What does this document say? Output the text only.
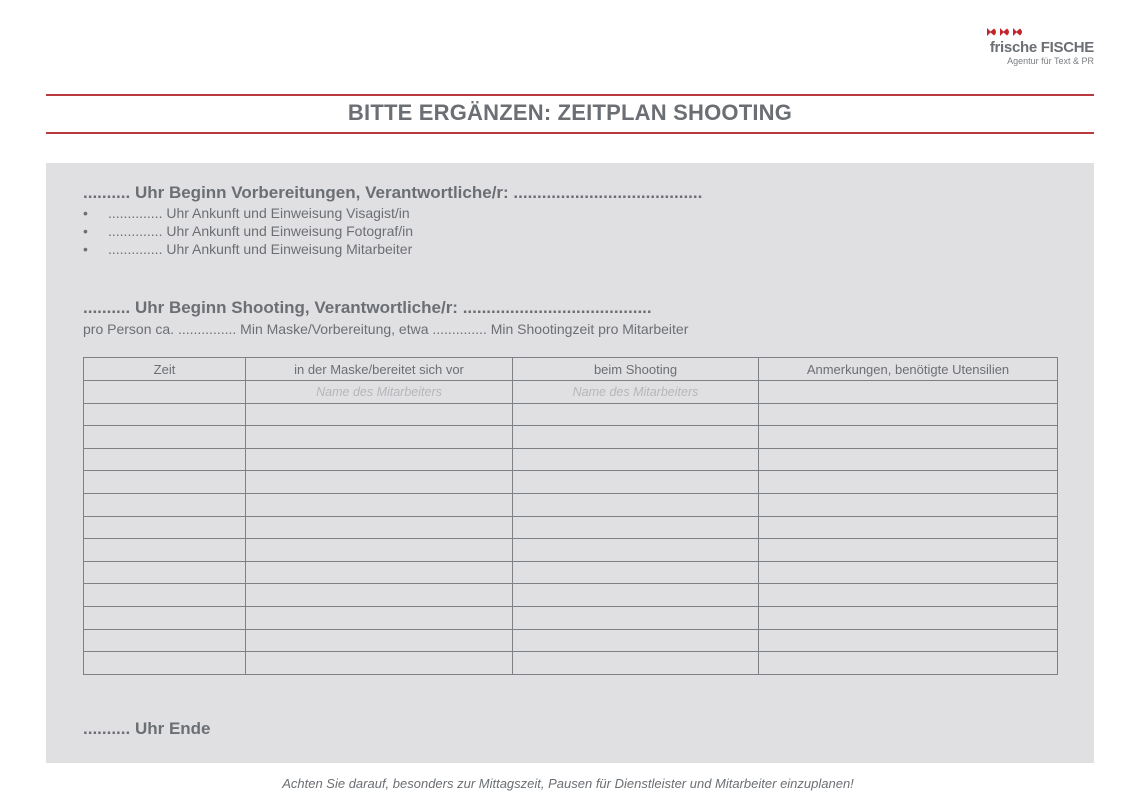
frische FISCHE
Agentur für Text & PR
BITTE ERGÄNZEN: ZEITPLAN SHOOTING
.......... Uhr Beginn Vorbereitungen, Verantwortliche/r: ........................................
• .............. Uhr Ankunft und Einweisung Visagist/in
• .............. Uhr Ankunft und Einweisung Fotograf/in
• .............. Uhr Ankunft und Einweisung Mitarbeiter
.......... Uhr Beginn Shooting, Verantwortliche/r: ........................................
pro Person ca. ............... Min Maske/Vorbereitung, etwa .............. Min Shootingzeit pro Mitarbeiter
Zeit	in der Maske/bereitet sich vor	beim Shooting	Anmerkungen, benötigte Utensilien
	Name des Mitarbeiters	Name des Mitarbeiters	

.......... Uhr Ende

Achten Sie darauf, besonders zur Mittagszeit, Pausen für Dienstleister und Mitarbeiter einzuplanen!
